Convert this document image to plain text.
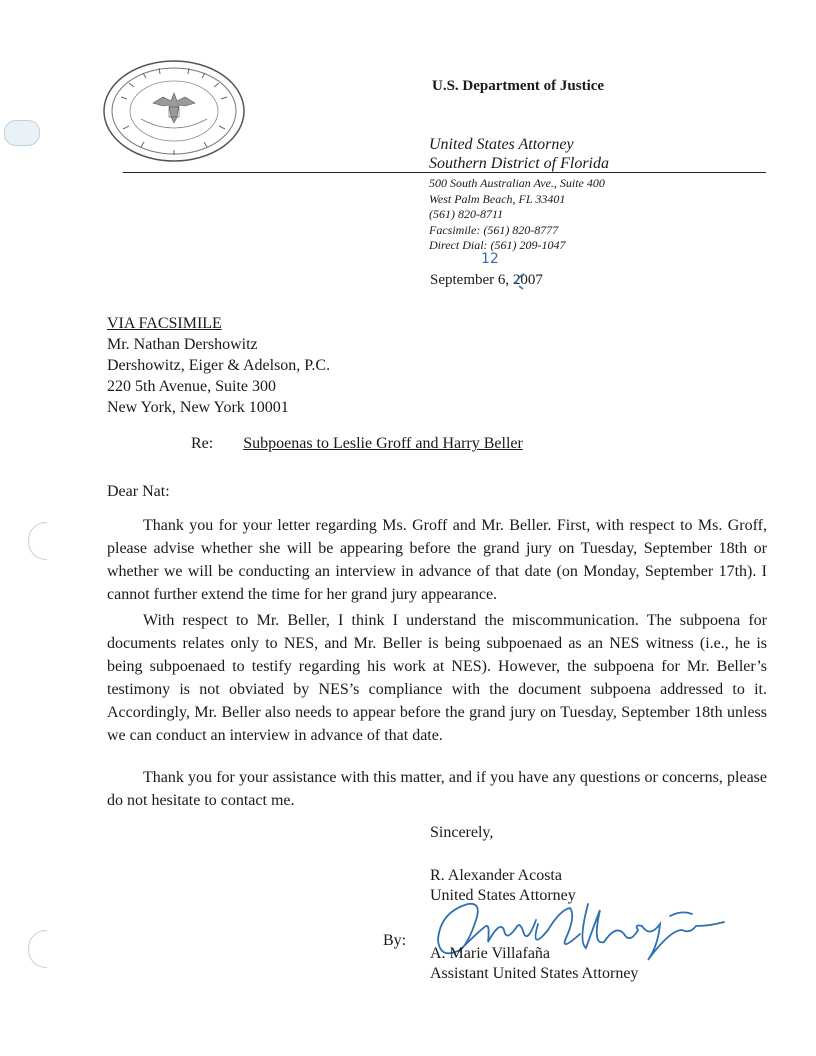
U.S. Department of Justice
United States Attorney
Southern District of Florida
500 South Australian Ave., Suite 400
West Palm Beach, FL 33401
(561) 820-8711
Facsimile: (561) 820-8777
Direct Dial: (561) 209-1047
12
September 6, 2007
VIA FACSIMILE
Mr. Nathan Dershowitz
Dershowitz, Eiger & Adelson, P.C.
220 5th Avenue, Suite 300
New York, New York 10001
Re: Subpoenas to Leslie Groff and Harry Beller
Dear Nat:
Thank you for your letter regarding Ms. Groff and Mr. Beller. First, with respect to Ms. Groff, please advise whether she will be appearing before the grand jury on Tuesday, September 18th or whether we will be conducting an interview in advance of that date (on Monday, September 17th). I cannot further extend the time for her grand jury appearance.
With respect to Mr. Beller, I think I understand the miscommunication. The subpoena for documents relates only to NES, and Mr. Beller is being subpoenaed as an NES witness (i.e., he is being subpoenaed to testify regarding his work at NES). However, the subpoena for Mr. Beller’s testimony is not obviated by NES’s compliance with the document subpoena addressed to it. Accordingly, Mr. Beller also needs to appear before the grand jury on Tuesday, September 18th unless we can conduct an interview in advance of that date.
Thank you for your assistance with this matter, and if you have any questions or concerns, please do not hesitate to contact me.
Sincerely,
R. Alexander Acosta
United States Attorney
By:
A. Marie Villafaña
Assistant United States Attorney
